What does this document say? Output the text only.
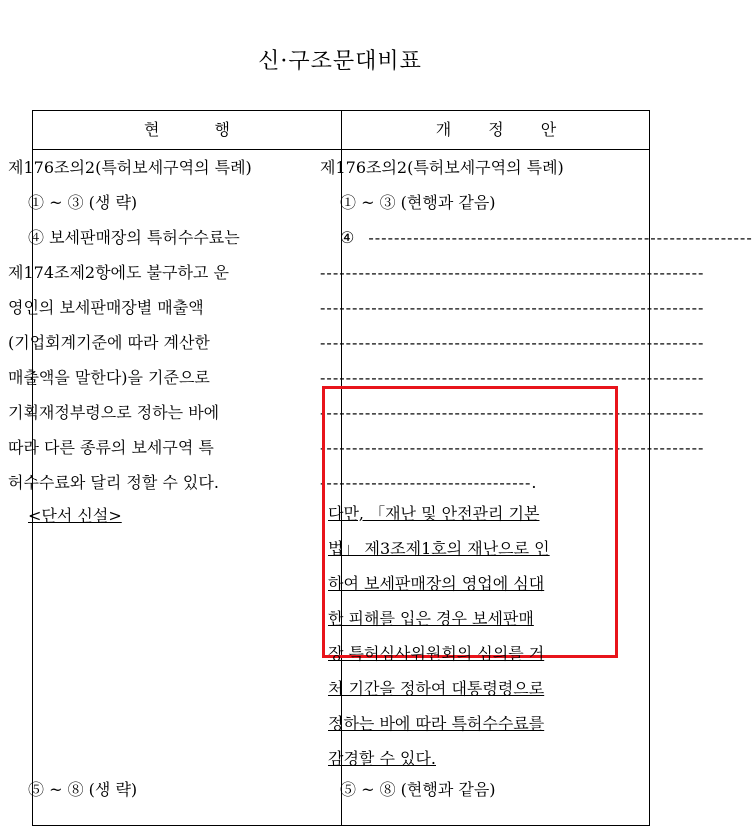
신·구조문대비표
현 행	개 정 안
제176조의2(특허보세구역의 특례)
① ~ ③ (생 략)
④ 보세판매장의 특허수수료는
제174조제2항에도 불구하고 운
영인의 보세판매장별 매출액
(기업회계기준에 따라 계산한
매출액을 말한다)을 기준으로
기획재정부령으로 정하는 바에
따라 다른 종류의 보세구역 특
허수수료와 달리 정할 수 있다.
<단서 신설>
⑤ ~ ⑧ (생 략)
제176조의2(특허보세구역의 특례)
① ~ ③ (현행과 같음)
④ ------------------------------------------------------------
------------------------------------------------------------
------------------------------------------------------------
------------------------------------------------------------
------------------------------------------------------------
------------------------------------------------------------
------------------------------------------------------------
---------------------------------.
다만, 「재난 및 안전관리 기본
법」 제3조제1호의 재난으로 인
하여 보세판매장의 영업에 심대
한 피해를 입은 경우 보세판매
장 특허심사위원회의 심의를 거
처 기간을 정하여 대통령령으로
정하는 바에 따라 특허수수료를
감경할 수 있다.
⑤ ~ ⑧ (현행과 같음)
